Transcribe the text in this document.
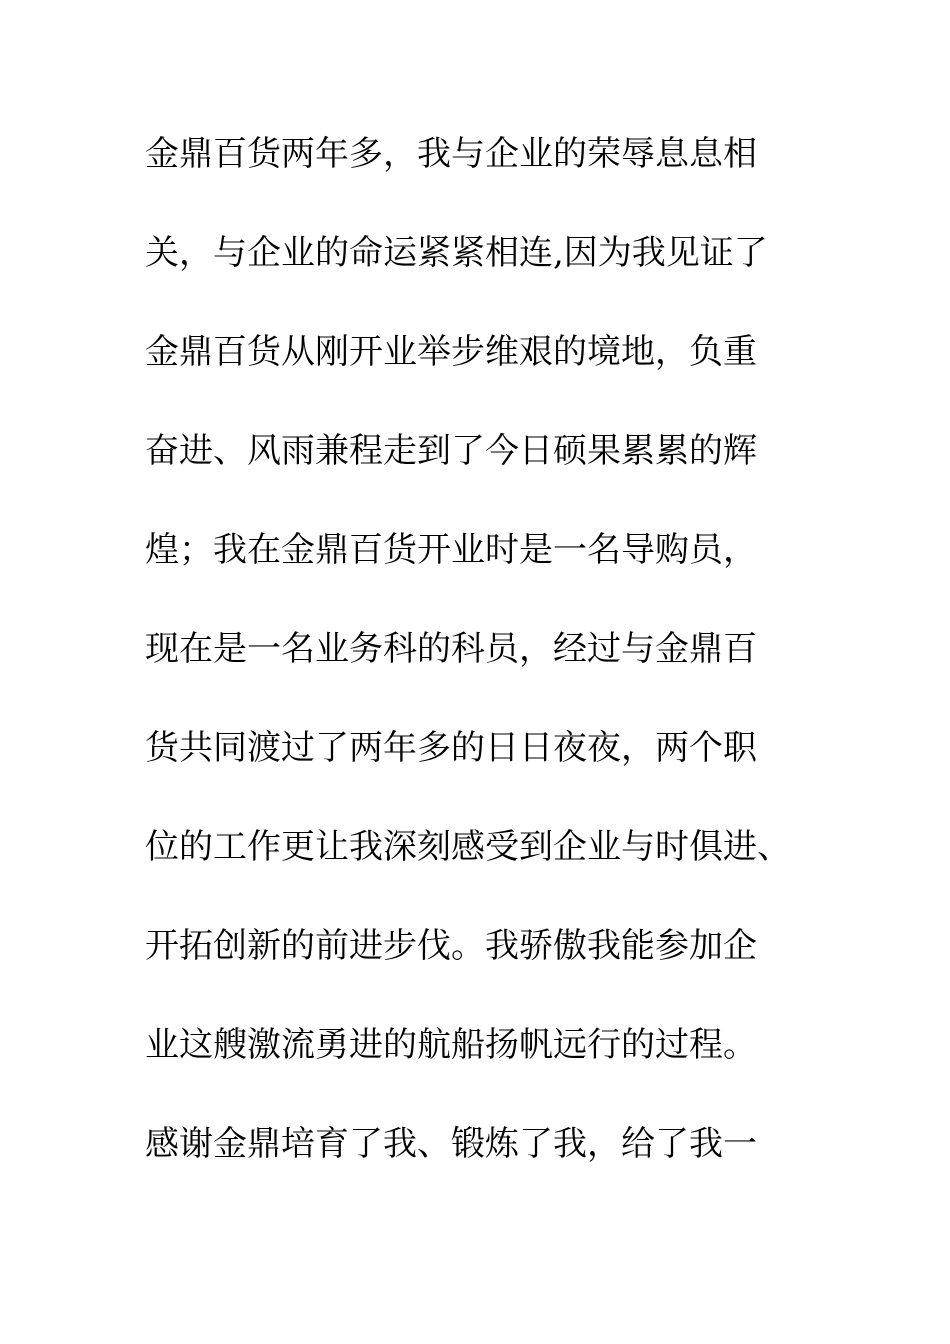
金鼎百货两年多，我与企业的荣辱息息相
关，与企业的命运紧紧相连,因为我见证了
金鼎百货从刚开业举步维艰的境地，负重
奋进、风雨兼程走到了今日硕果累累的辉
煌；我在金鼎百货开业时是一名导购员，
现在是一名业务科的科员，经过与金鼎百
货共同渡过了两年多的日日夜夜，两个职
位的工作更让我深刻感受到企业与时俱进、
开拓创新的前进步伐。我骄傲我能参加企
业这艘激流勇进的航船扬帆远行的过程。
感谢金鼎培育了我、锻炼了我，给了我一
